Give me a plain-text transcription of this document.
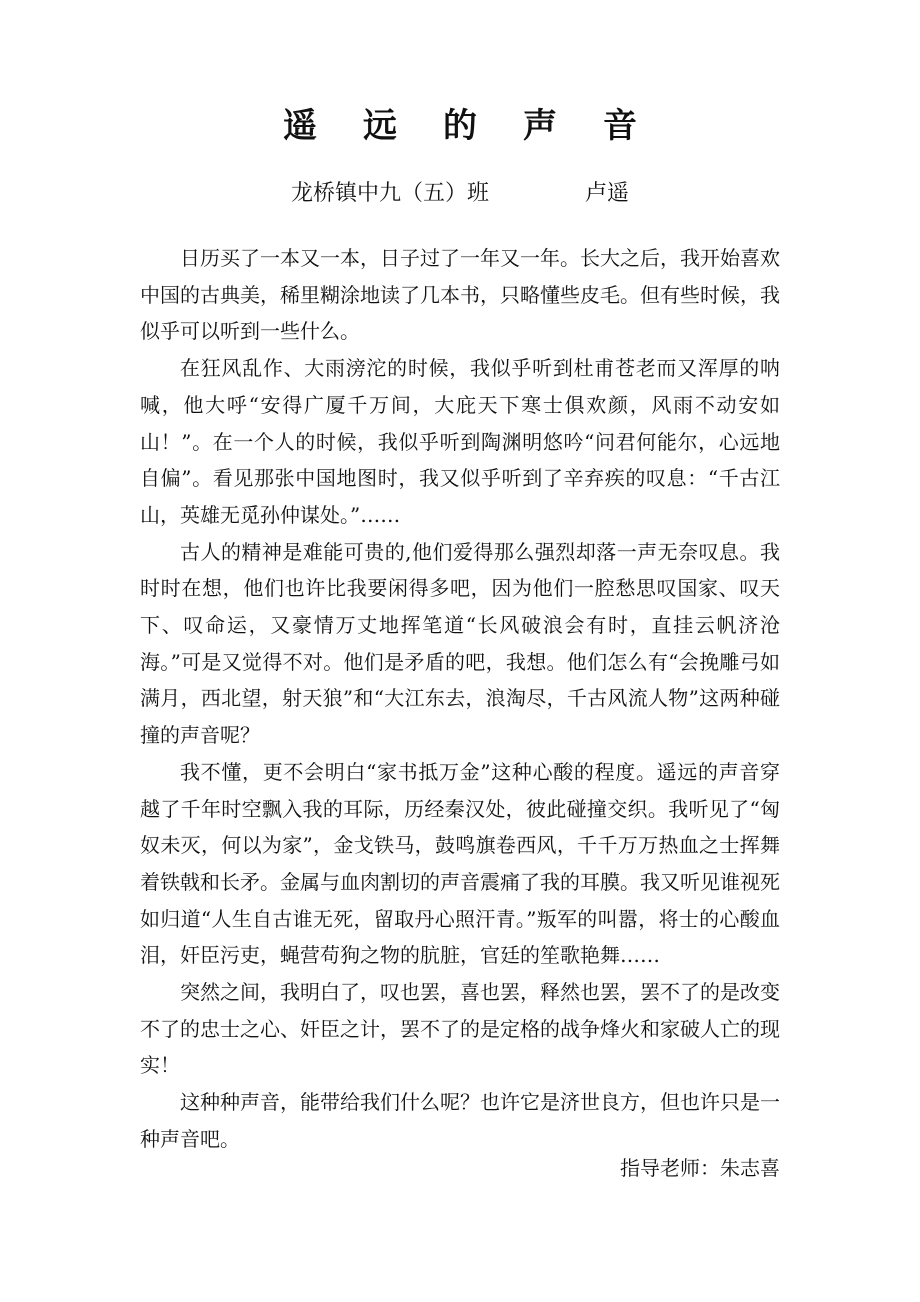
遥远的声音
龙桥镇中九（五）班	卢遥

日历买了一本又一本，日子过了一年又一年。长大之后，我开始喜欢中国的古典美，稀里糊涂地读了几本书，只略懂些皮毛。但有些时候，我似乎可以听到一些什么。

在狂风乱作、大雨滂沱的时候，我似乎听到杜甫苍老而又浑厚的呐喊，他大呼“安得广厦千万间，大庇天下寒士俱欢颜，风雨不动安如山！”。在一个人的时候，我似乎听到陶渊明悠吟“问君何能尔，心远地自偏”。看见那张中国地图时，我又似乎听到了辛弃疾的叹息：“千古江山，英雄无觅孙仲谋处。”……

古人的精神是难能可贵的,他们爱得那么强烈却落一声无奈叹息。我时时在想，他们也许比我要闲得多吧，因为他们一腔愁思叹国家、叹天下、叹命运，又豪情万丈地挥笔道“长风破浪会有时，直挂云帆济沧海。”可是又觉得不对。他们是矛盾的吧，我想。他们怎么有“会挽雕弓如满月，西北望，射天狼”和“大江东去，浪淘尽，千古风流人物”这两种碰撞的声音呢？

我不懂，更不会明白“家书抵万金”这种心酸的程度。遥远的声音穿越了千年时空飘入我的耳际，历经秦汉处，彼此碰撞交织。我听见了“匈奴未灭，何以为家”，金戈铁马，鼓鸣旗卷西风，千千万万热血之士挥舞着铁戟和长矛。金属与血肉割切的声音震痛了我的耳膜。我又听见谁视死如归道“人生自古谁无死，留取丹心照汗青。”叛军的叫嚣，将士的心酸血泪，奸臣污吏，蝇营苟狗之物的肮脏，官廷的笙歌艳舞……

突然之间，我明白了，叹也罢，喜也罢，释然也罢，罢不了的是改变不了的忠士之心、奸臣之计，罢不了的是定格的战争烽火和家破人亡的现实！

这种种声音，能带给我们什么呢？也许它是济世良方，但也许只是一种声音吧。

指导老师：朱志喜
